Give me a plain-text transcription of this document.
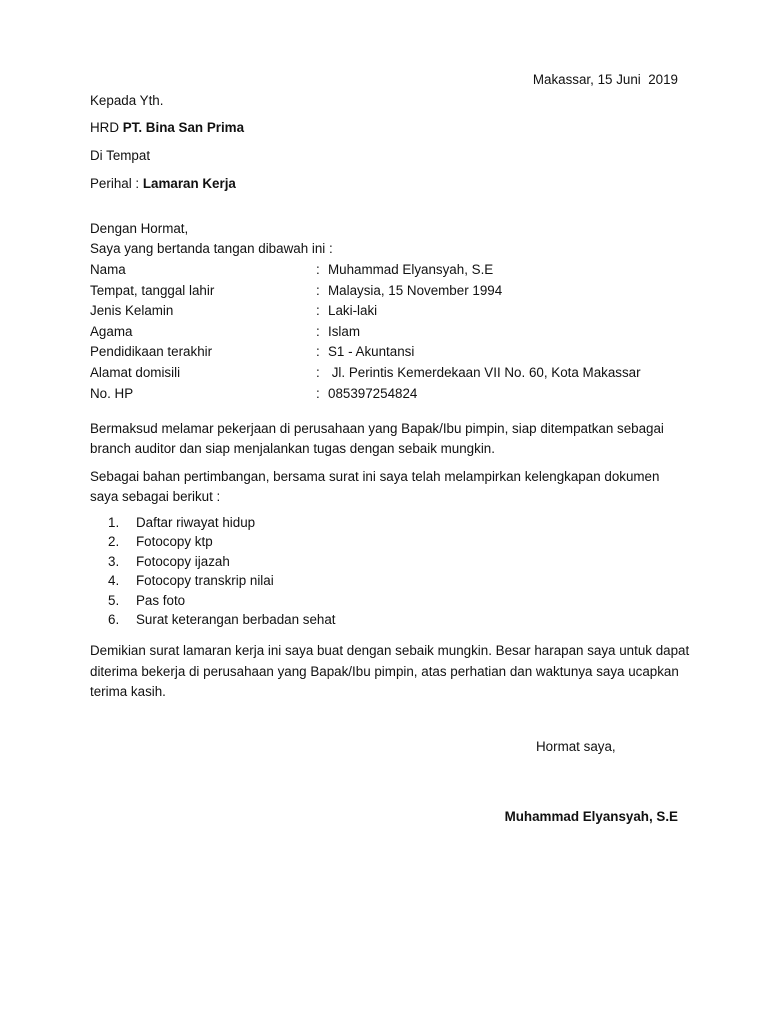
Makassar, 15 Juni  2019
Kepada Yth.
HRD PT. Bina San Prima
Di Tempat
Perihal : Lamaran Kerja
Dengan Hormat,
Saya yang bertanda tangan dibawah ini :
Nama	: Muhammad Elyansyah, S.E
Tempat, tanggal lahir	: Malaysia, 15 November 1994
Jenis Kelamin	: Laki-laki
Agama	: Islam
Pendidikaan terakhir	: S1 - Akuntansi
Alamat domisili	: Jl. Perintis Kemerdekaan VII No. 60, Kota Makassar
No. HP	: 085397254824
Bermaksud melamar pekerjaan di perusahaan yang Bapak/Ibu pimpin, siap ditempatkan sebagai branch auditor dan siap menjalankan tugas dengan sebaik mungkin.
Sebagai bahan pertimbangan, bersama surat ini saya telah melampirkan kelengkapan dokumen saya sebagai berikut :
1.	Daftar riwayat hidup
2.	Fotocopy ktp
3.	Fotocopy ijazah
4.	Fotocopy transkrip nilai
5.	Pas foto
6.	Surat keterangan berbadan sehat
Demikian surat lamaran kerja ini saya buat dengan sebaik mungkin. Besar harapan saya untuk dapat diterima bekerja di perusahaan yang Bapak/Ibu pimpin, atas perhatian dan waktunya saya ucapkan terima kasih.
Hormat saya,
Muhammad Elyansyah, S.E
